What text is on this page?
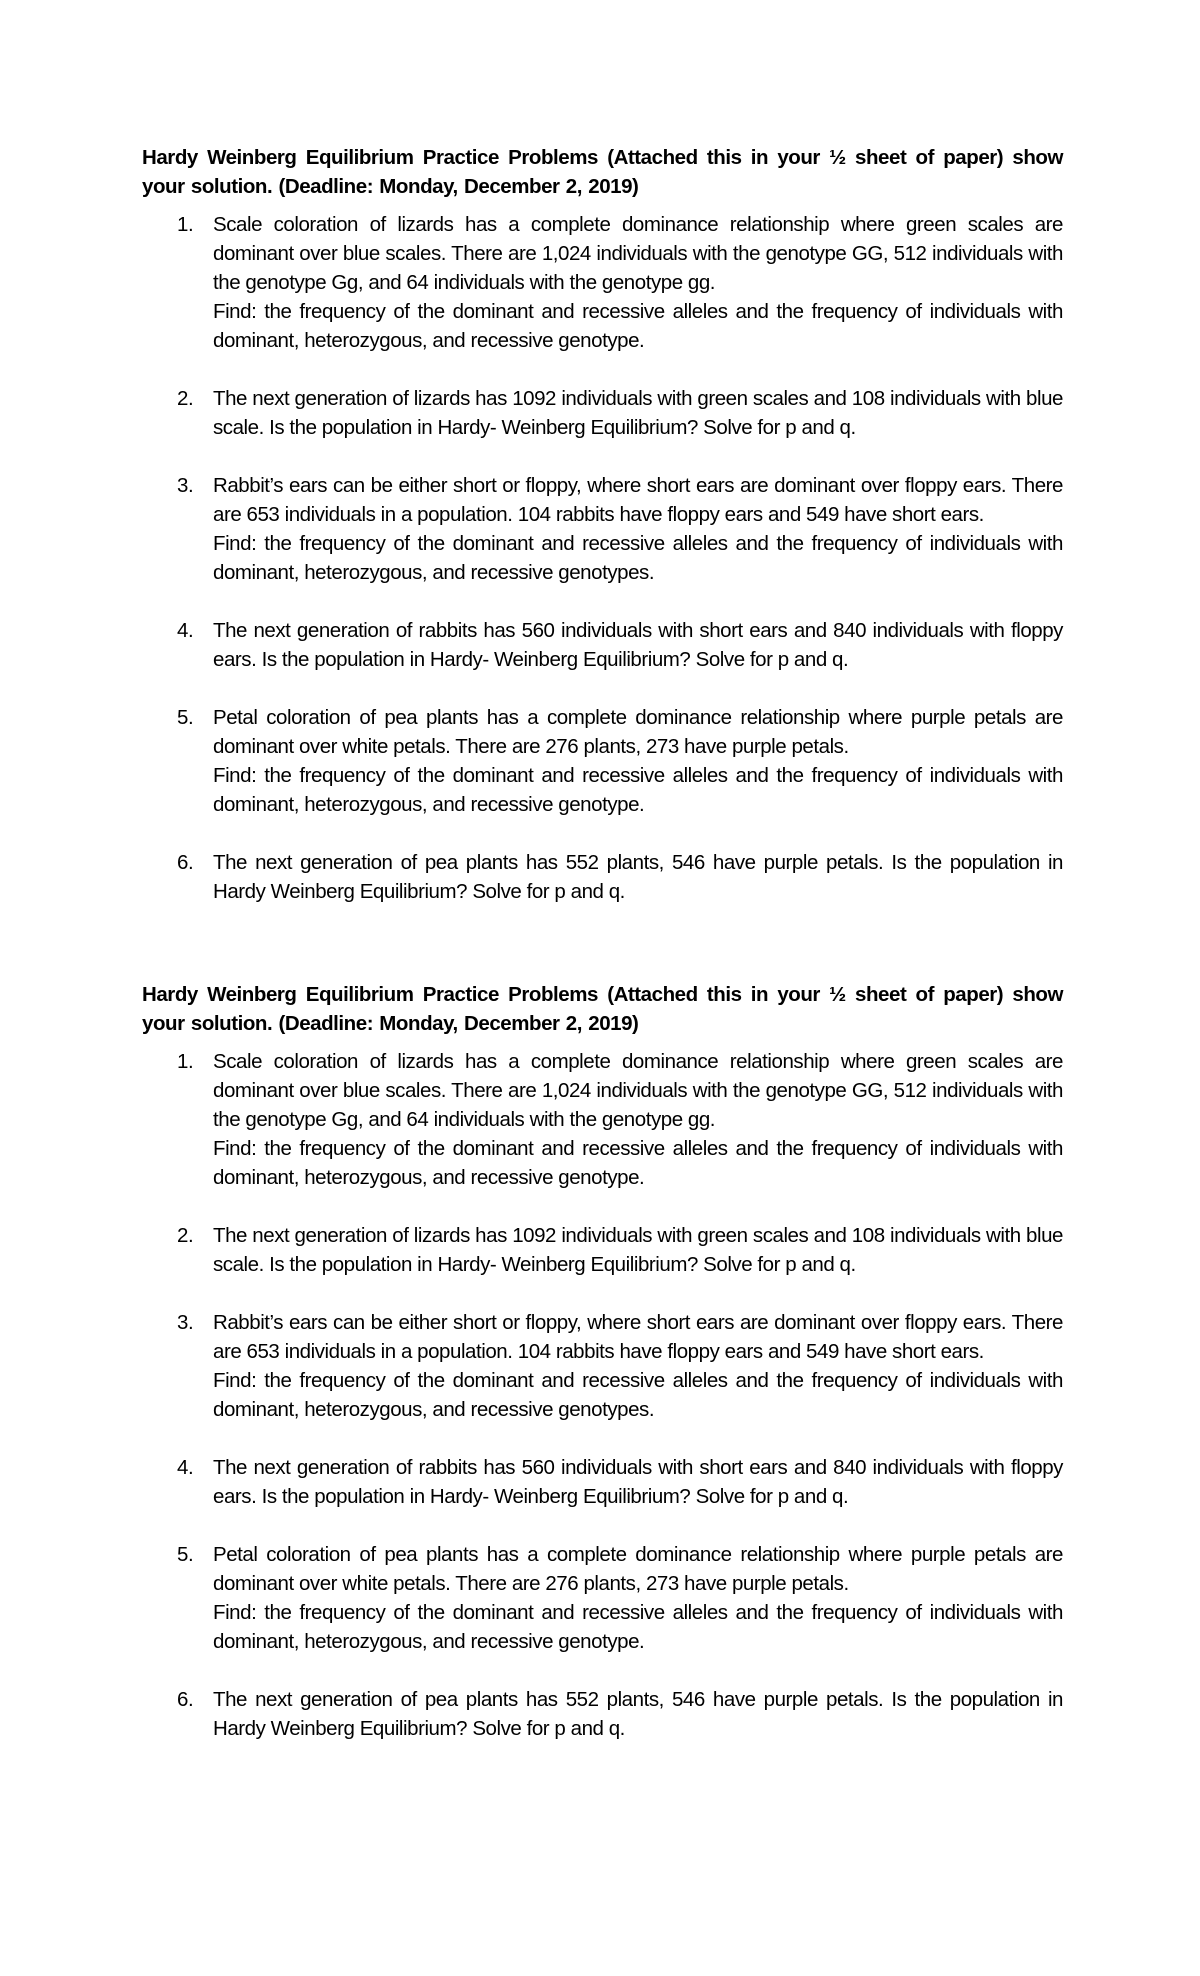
Hardy Weinberg Equilibrium Practice Problems (Attached this in your ½ sheet of paper) show your solution. (Deadline: Monday, December 2, 2019)

1. Scale coloration of lizards has a complete dominance relationship where green scales are dominant over blue scales. There are 1,024 individuals with the genotype GG, 512 individuals with the genotype Gg, and 64 individuals with the genotype gg.

Find: the frequency of the dominant and recessive alleles and the frequency of individuals with dominant, heterozygous, and recessive genotype.

2. The next generation of lizards has 1092 individuals with green scales and 108 individuals with blue scale. Is the population in Hardy- Weinberg Equilibrium? Solve for p and q.

3. Rabbit’s ears can be either short or floppy, where short ears are dominant over floppy ears. There are 653 individuals in a population. 104 rabbits have floppy ears and 549 have short ears.

Find: the frequency of the dominant and recessive alleles and the frequency of individuals with dominant, heterozygous, and recessive genotypes.

4. The next generation of rabbits has 560 individuals with short ears and 840 individuals with floppy ears. Is the population in Hardy- Weinberg Equilibrium? Solve for p and q.

5. Petal coloration of pea plants has a complete dominance relationship where purple petals are dominant over white petals. There are 276 plants, 273 have purple petals.

Find: the frequency of the dominant and recessive alleles and the frequency of individuals with dominant, heterozygous, and recessive genotype.

6. The next generation of pea plants has 552 plants, 546 have purple petals. Is the population in Hardy Weinberg Equilibrium? Solve for p and q.

Hardy Weinberg Equilibrium Practice Problems (Attached this in your ½ sheet of paper) show your solution. (Deadline: Monday, December 2, 2019)

1. Scale coloration of lizards has a complete dominance relationship where green scales are dominant over blue scales. There are 1,024 individuals with the genotype GG, 512 individuals with the genotype Gg, and 64 individuals with the genotype gg.

Find: the frequency of the dominant and recessive alleles and the frequency of individuals with dominant, heterozygous, and recessive genotype.

2. The next generation of lizards has 1092 individuals with green scales and 108 individuals with blue scale. Is the population in Hardy- Weinberg Equilibrium? Solve for p and q.

3. Rabbit’s ears can be either short or floppy, where short ears are dominant over floppy ears. There are 653 individuals in a population. 104 rabbits have floppy ears and 549 have short ears.

Find: the frequency of the dominant and recessive alleles and the frequency of individuals with dominant, heterozygous, and recessive genotypes.

4. The next generation of rabbits has 560 individuals with short ears and 840 individuals with floppy ears. Is the population in Hardy- Weinberg Equilibrium? Solve for p and q.

5. Petal coloration of pea plants has a complete dominance relationship where purple petals are dominant over white petals. There are 276 plants, 273 have purple petals.

Find: the frequency of the dominant and recessive alleles and the frequency of individuals with dominant, heterozygous, and recessive genotype.

6. The next generation of pea plants has 552 plants, 546 have purple petals. Is the population in Hardy Weinberg Equilibrium? Solve for p and q.
